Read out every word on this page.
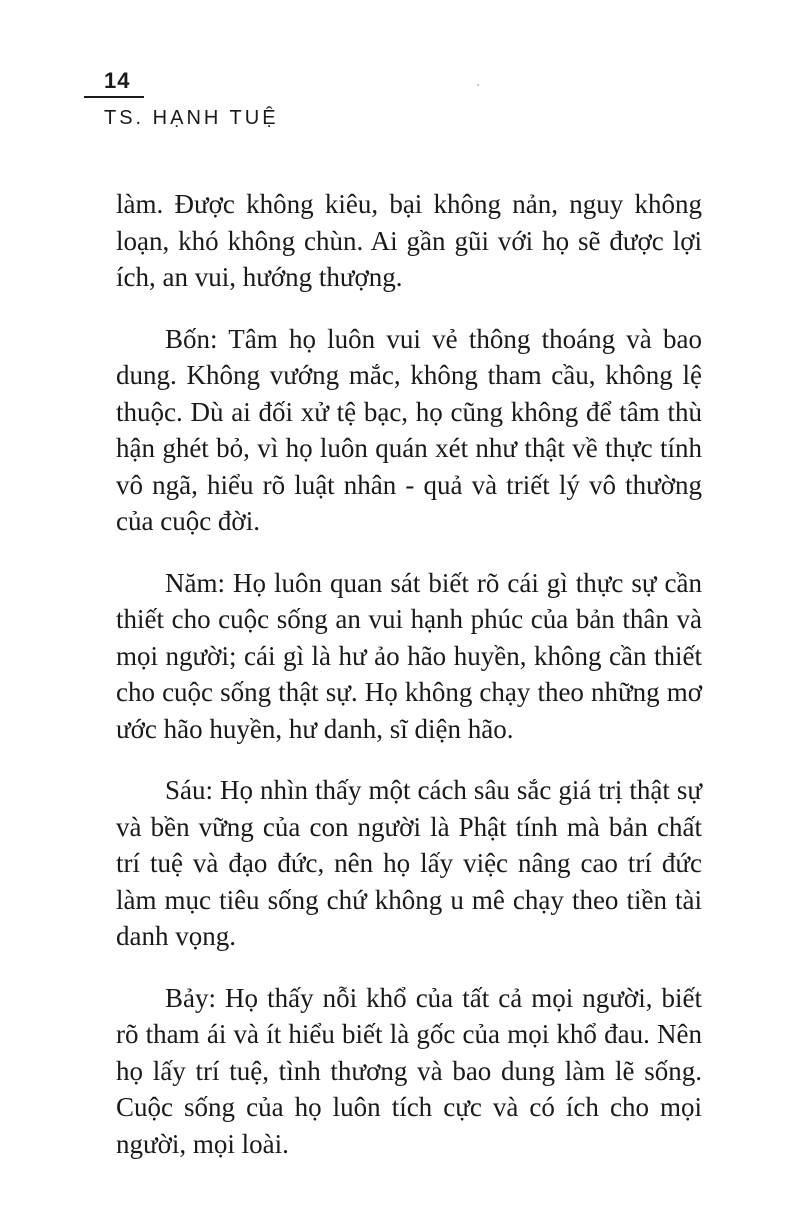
14
TS. HẠNH TUỆ

làm. Được không kiêu, bại không nản, nguy không loạn, khó không chùn. Ai gần gũi với họ sẽ được lợi ích, an vui, hướng thượng.

Bốn: Tâm họ luôn vui vẻ thông thoáng và bao dung. Không vướng mắc, không tham cầu, không lệ thuộc. Dù ai đối xử tệ bạc, họ cũng không để tâm thù hận ghét bỏ, vì họ luôn quán xét như thật về thực tính vô ngã, hiểu rõ luật nhân - quả và triết lý vô thường của cuộc đời.

Năm: Họ luôn quan sát biết rõ cái gì thực sự cần thiết cho cuộc sống an vui hạnh phúc của bản thân và mọi người; cái gì là hư ảo hão huyền, không cần thiết cho cuộc sống thật sự. Họ không chạy theo những mơ ước hão huyền, hư danh, sĩ diện hão.

Sáu: Họ nhìn thấy một cách sâu sắc giá trị thật sự và bền vững của con người là Phật tính mà bản chất trí tuệ và đạo đức, nên họ lấy việc nâng cao trí đức làm mục tiêu sống chứ không u mê chạy theo tiền tài danh vọng.

Bảy: Họ thấy nỗi khổ của tất cả mọi người, biết rõ tham ái và ít hiểu biết là gốc của mọi khổ đau. Nên họ lấy trí tuệ, tình thương và bao dung làm lẽ sống. Cuộc sống của họ luôn tích cực và có ích cho mọi người, mọi loài.
